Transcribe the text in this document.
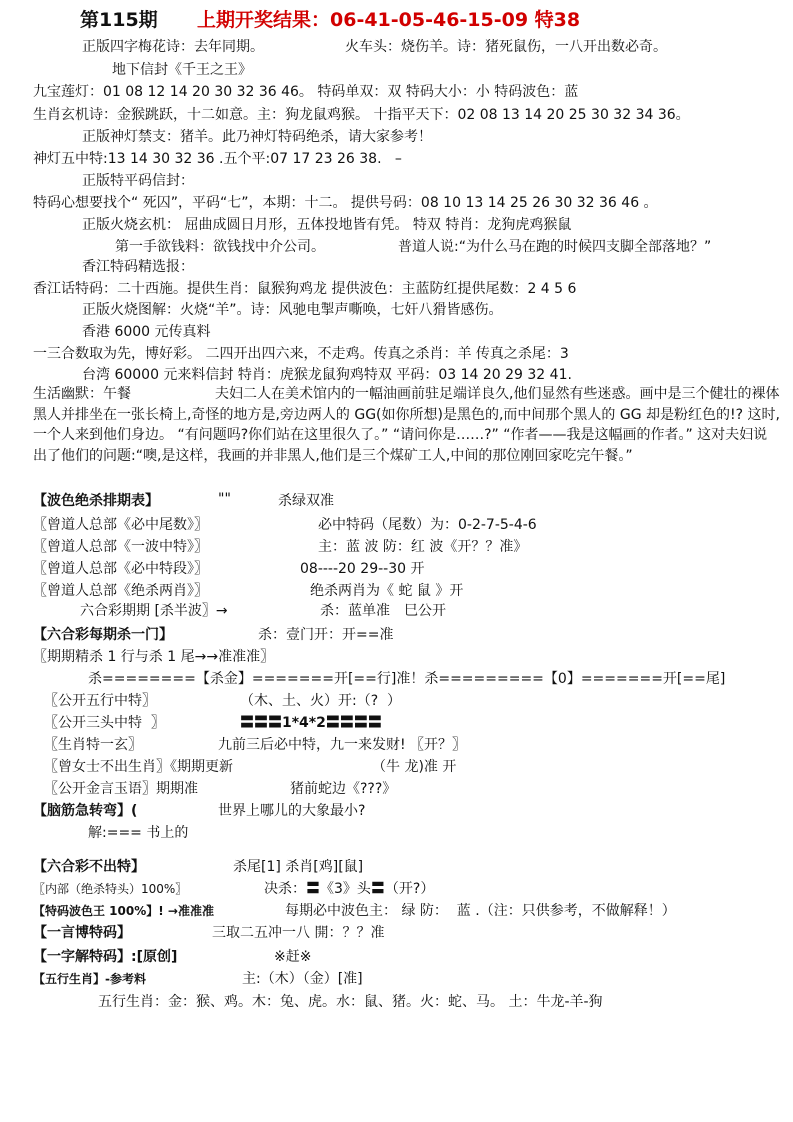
第115期 上期开奖结果：06-41-05-46-15-09 特38
正版四字梅花诗：去年同期。	火车头：烧伤羊。诗：猪死鼠伤，一八开出数必奇。
地下信封《千王之王》
九宝莲灯：01 08 12 14 20 30 32 36 46。 特码单双：双 特码大小：小 特码波色：蓝
生肖玄机诗：金猴跳跃，十二如意。主：狗龙鼠鸡猴。 十指平天下：02 08 13 14 20 25 30 32 34 36。
正版神灯禁支：猪羊。此乃神灯特码绝杀，请大家参考！
神灯五中特:13 14 30 32 36 .五个平:07 17 23 26 38.   –
正版特平码信封：
特码心想要找个“ 死囚”，平码“七”，本期：十二。 提供号码：08 10 13 14 25 26 30 32 36 46 。
正版火烧玄机： 屈曲成圆日月形，五体投地皆有凭。 特双 特肖：龙狗虎鸡猴鼠
第一手欲钱料：欲钱找中介公司。	普道人说:“为什么马在跑的时候四支脚全部落地？”
香江特码精选报：
香江话特码：二十西施。提供生肖：鼠猴狗鸡龙 提供波色：主蓝防红提供尾数：2 4 5 6
正版火烧图解：火烧“羊”。诗：风驰电掣声嘶唤，七奸八猾皆感伤。
香港 6000 元传真料
一三合数取为先，博好彩。 二四开出四六来，不走鸡。传真之杀肖：羊 传真之杀尾：3
台湾 60000 元来料信封 特肖：虎猴龙鼠狗鸡特双 平码：03 14 20 29 32 41.
生活幽默：午餐　　　　　　夫妇二人在美术馆内的一幅油画前驻足端详良久,他们显然有些迷惑。画中是三个健壮的裸体黑人并排坐在一张长椅上,奇怪的地方是,旁边两人的 GG(如你所想)是黑色的,而中间那个黑人的 GG 却是粉红色的!? 这时,一个人来到他们身边。 “有问题吗?你们站在这里很久了。” “请问你是……?” “作者——我是这幅画的作者。” 这对夫妇说出了他们的问题:“噢,是这样，我画的并非黑人,他们是三个煤矿工人,中间的那位刚回家吃完午餐。”
【波色绝杀排期表】	""	杀绿双准
〖曾道人总部《必中尾数》〗	必中特码（尾数）为：0-2-7-5-4-6
〖曾道人总部《一波中特》〗	主：蓝 波 防：红 波《开？？准》
〖曾道人总部《必中特段》〗	08----20 29--30 开
〖曾道人总部《绝杀两肖》〗	绝杀两肖为《 蛇 鼠 》开
六合彩期期 [杀半波〗→	杀：蓝单准　巳公开
【六合彩每期杀一门】	杀：壹门开：开==准
〖期期精杀 1 行与杀 1 尾→→准准准〗
杀========【杀金】=======开[==行]准！杀=========【0】=======开[==尾]
〖公开五行中特〗	（木、土、火）开:（?  ）
〖公开三头中特  〗	〓〓〓1*4*2〓〓〓〓
〖生肖特一玄〗	九前三后必中特，九一来发财! 〖开？〗
〖曾女士不出生肖〗《期期更新	（牛 龙)准 开
〖公开金言玉语〗期期准	猪前蛇边《???》
【脑筋急转弯】(	世界上哪儿的大象最小?
解:=== 书上的
【六合彩不出特】	杀尾[1] 杀肖[鸡][鼠]
〖内部（绝杀特头）100%〗	决杀：〓《3》头〓（开?）
【特码波色王 100%】! →准准准	每期必中波色主： 绿 防：  蓝 .（注：只供参考，不做解释！）
【一言博特码】	三取二五冲一八 開：？？准
【一字解特码】:[原创]	※赶※
【五行生肖】-参考料	主:（木）（金）[准]
五行生肖：金：猴、鸡。木：兔、虎。水：鼠、猪。火：蛇、马。 土：牛龙-羊-狗
